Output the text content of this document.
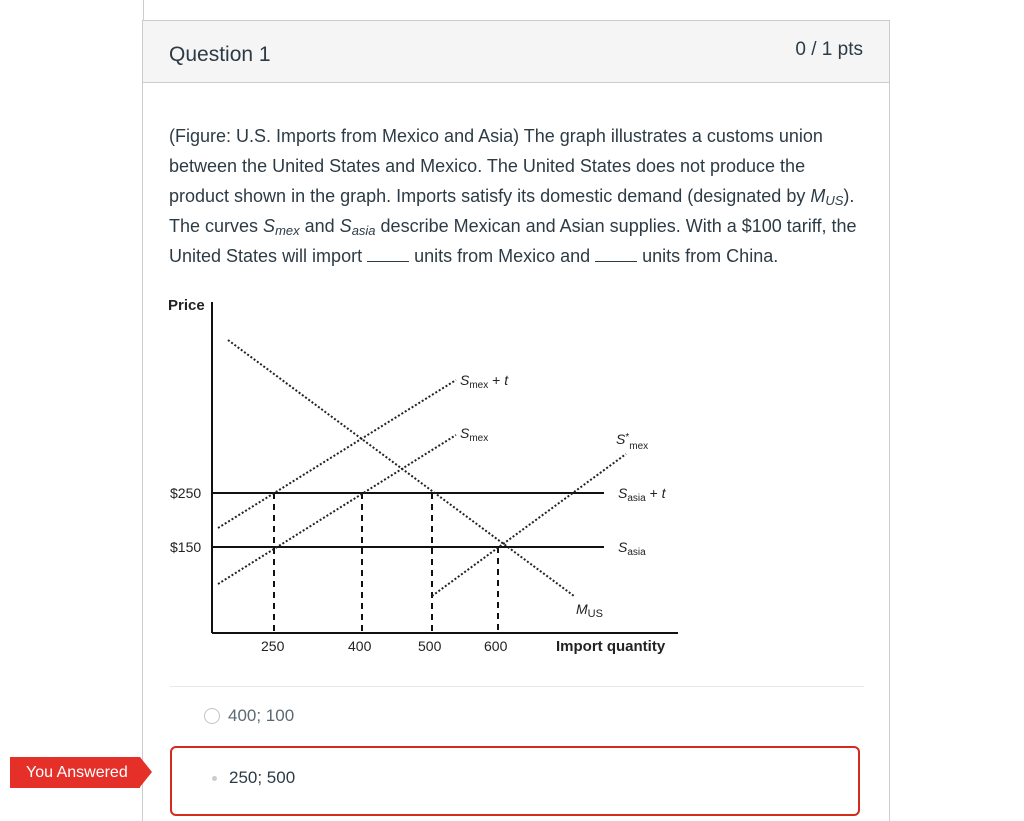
Question 1	0 / 1 pts
(Figure: U.S. Imports from Mexico and Asia) The graph illustrates a customs union between the United States and Mexico. The United States does not produce the product shown in the graph. Imports satisfy its domestic demand (designated by $M_{US}$). The curves $S_{mex}$ and $S_{asia}$ describe Mexican and Asian supplies. With a $100 tariff, the United States will import  units from Mexico and  units from China.
Price
Import quantity
$250
$150
250	400	500	600
$S_{mex} + t$
$S_{mex}$	$S^*_{mex}$
$S_{asia} + t$
$S_{asia}$
$M_{US}$
400; 100
250; 500
You Answered
